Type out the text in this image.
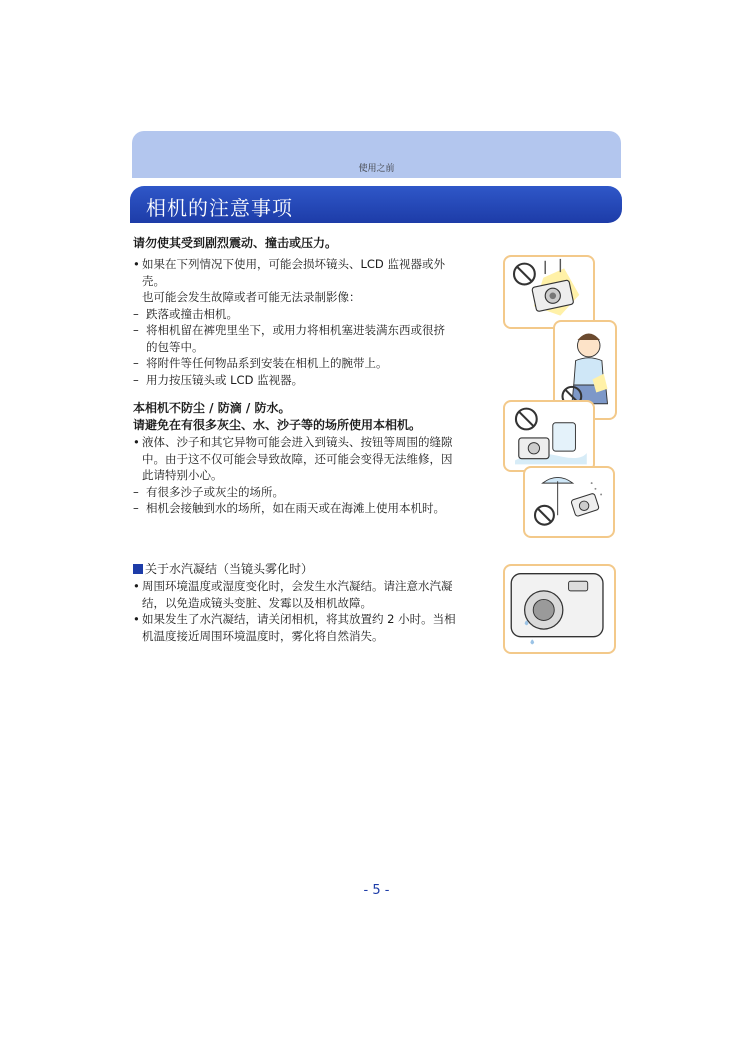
使用之前
相机的注意事项
请勿使其受到剧烈震动、撞击或压力。
• 如果在下列情况下使用，可能会损坏镜头、LCD 监视器或外
壳。
也可能会发生故障或者可能无法录制影像：
– 跌落或撞击相机。
– 将相机留在裤兜里坐下，或用力将相机塞进装满东西或很挤
的包等中。
– 将附件等任何物品系到安装在相机上的腕带上。
– 用力按压镜头或 LCD 监视器。
本相机不防尘 / 防滴 / 防水。
请避免在有很多灰尘、水、沙子等的场所使用本相机。
• 液体、沙子和其它异物可能会进入到镜头、按钮等周围的缝隙
中。由于这不仅可能会导致故障，还可能会变得无法维修，因
此请特别小心。
– 有很多沙子或灰尘的场所。
– 相机会接触到水的场所，如在雨天或在海滩上使用本机时。
关于水汽凝结（当镜头雾化时）
• 周围环境温度或湿度变化时，会发生水汽凝结。请注意水汽凝
结，以免造成镜头变脏、发霉以及相机故障。
• 如果发生了水汽凝结，请关闭相机，将其放置约 2 小时。当相
机温度接近周围环境温度时，雾化将自然消失。
- 5 -
